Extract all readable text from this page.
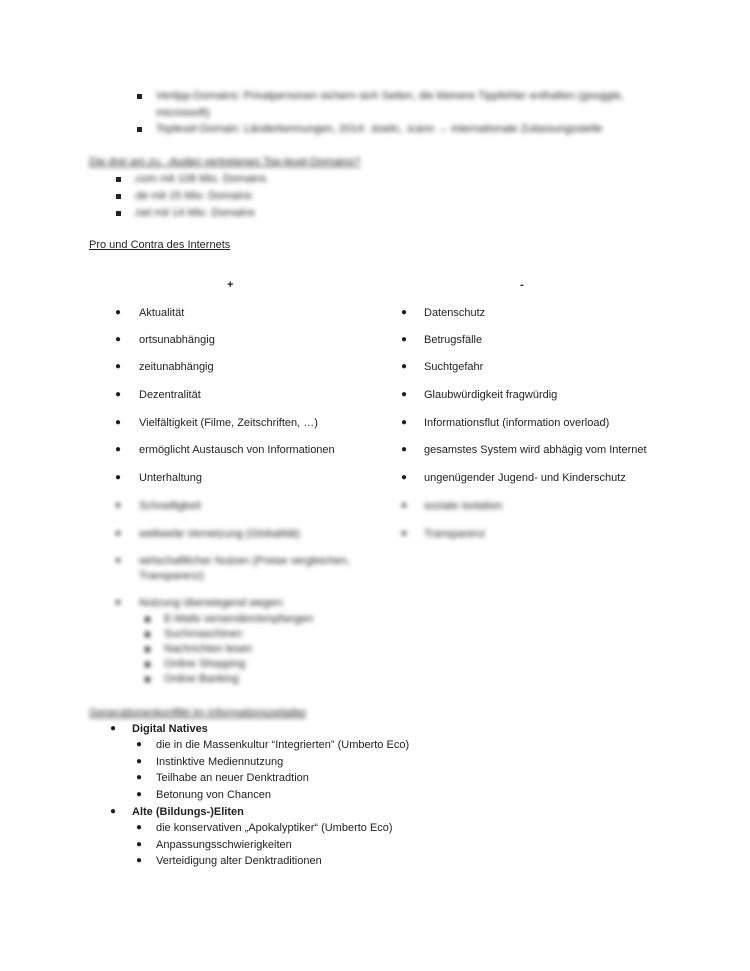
Vertipp-Domains: Privatpersonen sichern sich Seiten, die kleinere Tippfehler enthalten (googgle,
microssoft)
Toplevel-Domain: Länderkennungen, 2014: .koeln, .icann → internationale Zulassungsstelle
Die drei am zu. -Auden vertretenen Top-level-Domains?
.com mit 108 Mio. Domains
.de mit 15 Mio. Domains
.net mit 14 Mio. Domains
Pro und Contra des Internets
+	-
● Aktualität
● ortsunabhängig
● zeitunabhängig
● Dezentralität
● Vielfältigkeit (Filme, Zeitschriften, …)
● ermöglicht Austausch von Informationen
● Unterhaltung
● Schnelligkeit
● weltweite Vernetzung (Globalität)
● wirtschaftlicher Nutzen (Preise vergleichen,
Transparenz)
● Nutzung überwiegend wegen:
E-Mails versenden/empfangen
Suchmaschinen
Nachrichten lesen
Online Shopping
Online Banking
● Datenschutz
● Betrugsfälle
● Suchtgefahr
● Glaubwürdigkeit fragwürdig
● Informationsflut (information overload)
● gesamstes System wird abhägig vom Internet
● ungenügender Jugend- und Kinderschutz
● soziale Isolation
● Transparenz
Generationenkonflikt im Informationszeitalter
● Digital Natives
● die in die Massenkultur “Integrierten” (Umberto Eco)
● Instinktive Mediennutzung
● Teilhabe an neuer Denktradtion
● Betonung von Chancen
● Alte (Bildungs-)Eliten
● die konservativen „Apokalyptiker“ (Umberto Eco)
● Anpassungsschwierigkeiten
● Verteidigung alter Denktraditionen
